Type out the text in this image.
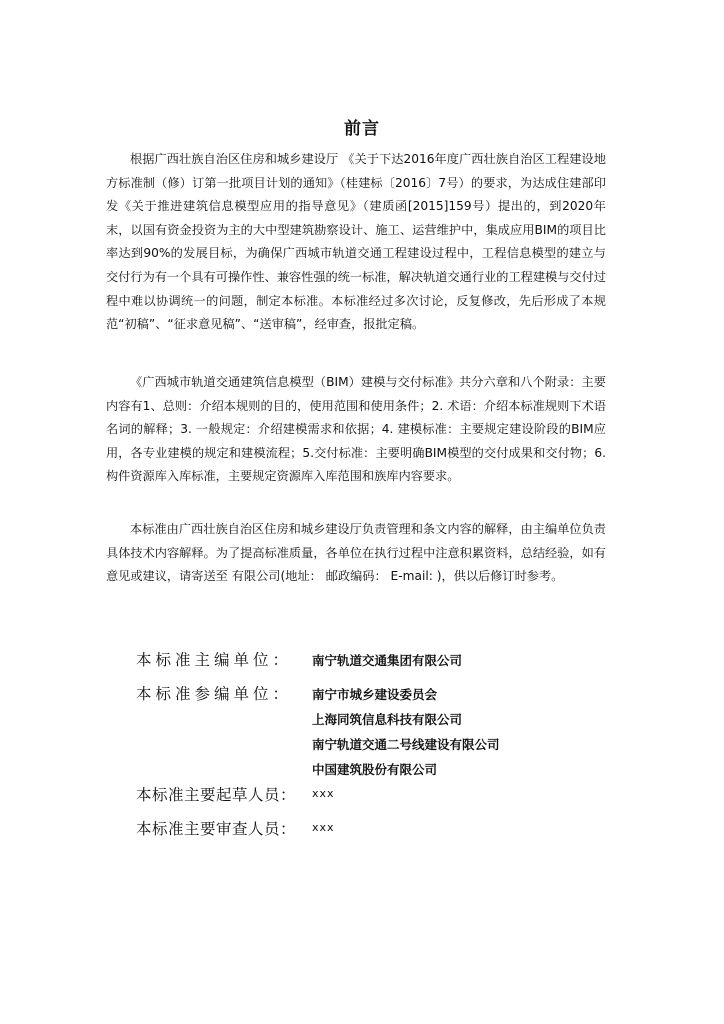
前言

根据广西壮族自治区住房和城乡建设厅 《关于下达2016年度广西壮族自治区工程建设地方标准制（修）订第一批项目计划的通知》（桂建标〔2016〕7号）的要求，为达成住建部印发《关于推进建筑信息模型应用的指导意见》（建质函[2015]159号）提出的，到2020年末，以国有资金投资为主的大中型建筑勘察设计、施工、运营维护中，集成应用BIM的项目比率达到90%的发展目标，为确保广西城市轨道交通工程建设过程中，工程信息模型的建立与交付行为有一个具有可操作性、兼容性强的统一标准，解决轨道交通行业的工程建模与交付过程中难以协调统一的问题，制定本标准。本标准经过多次讨论，反复修改，先后形成了本规范“初稿”、“征求意见稿”、“送审稿”，经审查，报批定稿。

《广西城市轨道交通建筑信息模型（BIM）建模与交付标准》共分六章和八个附录：主要内容有1、总则：介绍本规则的目的，使用范围和使用条件；2. 术语：介绍本标准规则下术语名词的解释；3. 一般规定：介绍建模需求和依据；4. 建模标准：主要规定建设阶段的BIM应用，各专业建模的规定和建模流程；5.交付标准：主要明确BIM模型的交付成果和交付物；6. 构件资源库入库标准，主要规定资源库入库范围和族库内容要求。

本标准由广西壮族自治区住房和城乡建设厅负责管理和条文内容的解释，由主编单位负责具体技术内容解释。为了提高标准质量，各单位在执行过程中注意积累资料，总结经验，如有意见或建议，请寄送至 有限公司(地址： 邮政编码： E-mail: )，供以后修订时参考。

本标准主编单位：	南宁轨道交通集团有限公司
本标准参编单位：	南宁市城乡建设委员会
上海同筑信息科技有限公司
南宁轨道交通二号线建设有限公司
中国建筑股份有限公司
本标准主要起草人员：	xxx
本标准主要审查人员：	xxx
